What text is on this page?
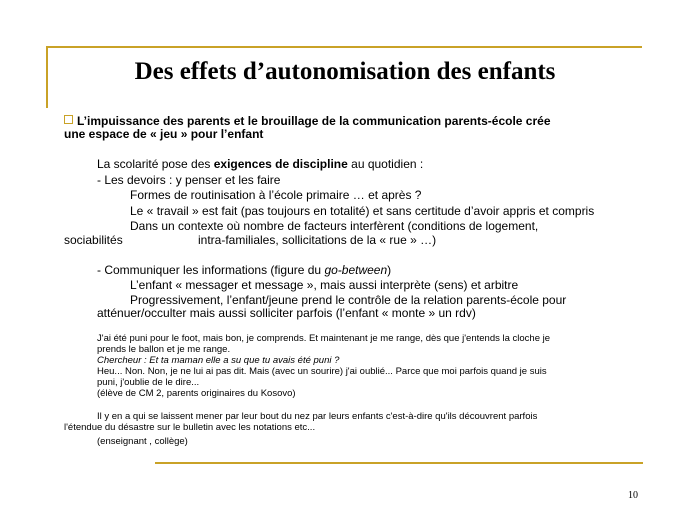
Des effets d’autonomisation des enfants
L’impuissance des parents et le brouillage de la communication parents-école crée
une espace de « jeu » pour l’enfant
La scolarité pose des exigences de discipline au quotidien :
- Les devoirs : y penser et les faire
Formes de routinisation à l’école primaire … et après ?
Le « travail » est fait (pas toujours en totalité) et sans certitude d’avoir appris et compris
Dans un contexte où nombre de facteurs interfèrent (conditions de logement,
sociabilités	intra-familiales, sollicitations de la « rue » …)
- Communiquer les informations (figure du go-between)
L’enfant « messager et message », mais aussi interprète (sens) et arbitre
Progressivement, l’enfant/jeune prend le contrôle de la relation parents-école pour
atténuer/occulter mais aussi solliciter parfois (l’enfant « monte » un rdv)
J'ai été puni pour le foot, mais bon, je comprends. Et maintenant je me range, dès que j'entends la cloche je
prends le ballon et je me range.
Chercheur : Et ta maman elle a su que tu avais été puni ?
Heu... Non. Non, je ne lui ai pas dit. Mais (avec un sourire) j'ai oublié... Parce que moi parfois quand je suis
puni, j'oublie de le dire...
(élève de CM 2, parents originaires du Kosovo)
Il y en a qui se laissent mener par leur bout du nez par leurs enfants c'est-à-dire qu'ils découvrent parfois
l'étendue du désastre sur le bulletin avec les notations etc...
(enseignant , collège)
10
